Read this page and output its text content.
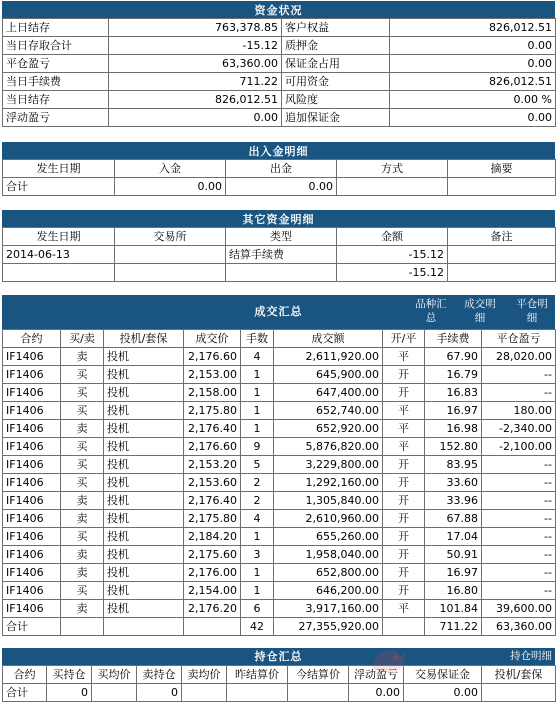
资金状况
上日结存	763,378.85	客户权益	826,012.51
当日存取合计	-15.12	质押金	0.00
平仓盈亏	63,360.00	保证金占用	0.00
当日手续费	711.22	可用资金	826,012.51
当日结存	826,012.51	风险度	0.00 %
浮动盈亏	0.00	追加保证金	0.00
出入金明细
发生日期	入金	出金	方式	摘要
合计	0.00	0.00		
其它资金明细
发生日期	交易所	类型	金额	备注
2014-06-13		结算手续费	-15.12	
			-15.12	
成交汇总
品种汇总
成交明细
平仓明细
合约	买/卖	投机/套保	成交价	手数	成交额	开/平	手续费	平仓盈亏
IF1406	卖	投机	2,176.60	4	2,611,920.00	平	67.90	28,020.00
IF1406	买	投机	2,153.00	1	645,900.00	开	16.79	--
IF1406	买	投机	2,158.00	1	647,400.00	开	16.83	--
IF1406	买	投机	2,175.80	1	652,740.00	平	16.97	180.00
IF1406	卖	投机	2,176.40	1	652,920.00	平	16.98	-2,340.00
IF1406	买	投机	2,176.60	9	5,876,820.00	平	152.80	-2,100.00
IF1406	买	投机	2,153.20	5	3,229,800.00	开	83.95	--
IF1406	买	投机	2,153.60	2	1,292,160.00	开	33.60	--
IF1406	卖	投机	2,176.40	2	1,305,840.00	开	33.96	--
IF1406	卖	投机	2,175.80	4	2,610,960.00	开	67.88	--
IF1406	买	投机	2,184.20	1	655,260.00	开	17.04	--
IF1406	卖	投机	2,175.60	3	1,958,040.00	开	50.91	--
IF1406	卖	投机	2,176.00	1	652,800.00	开	16.97	--
IF1406	买	投机	2,154.00	1	646,200.00	开	16.80	--
IF1406	卖	投机	2,176.20	6	3,917,160.00	平	101.84	39,600.00
合计				42	27,355,920.00		711.22	63,360.00
持仓汇总	持仓明细
合约	买持仓	买均价	卖持仓	卖均价	昨结算价	今结算价	浮动盈亏	交易保证金	投机/套保
合计	0		0				0.00	0.00	
